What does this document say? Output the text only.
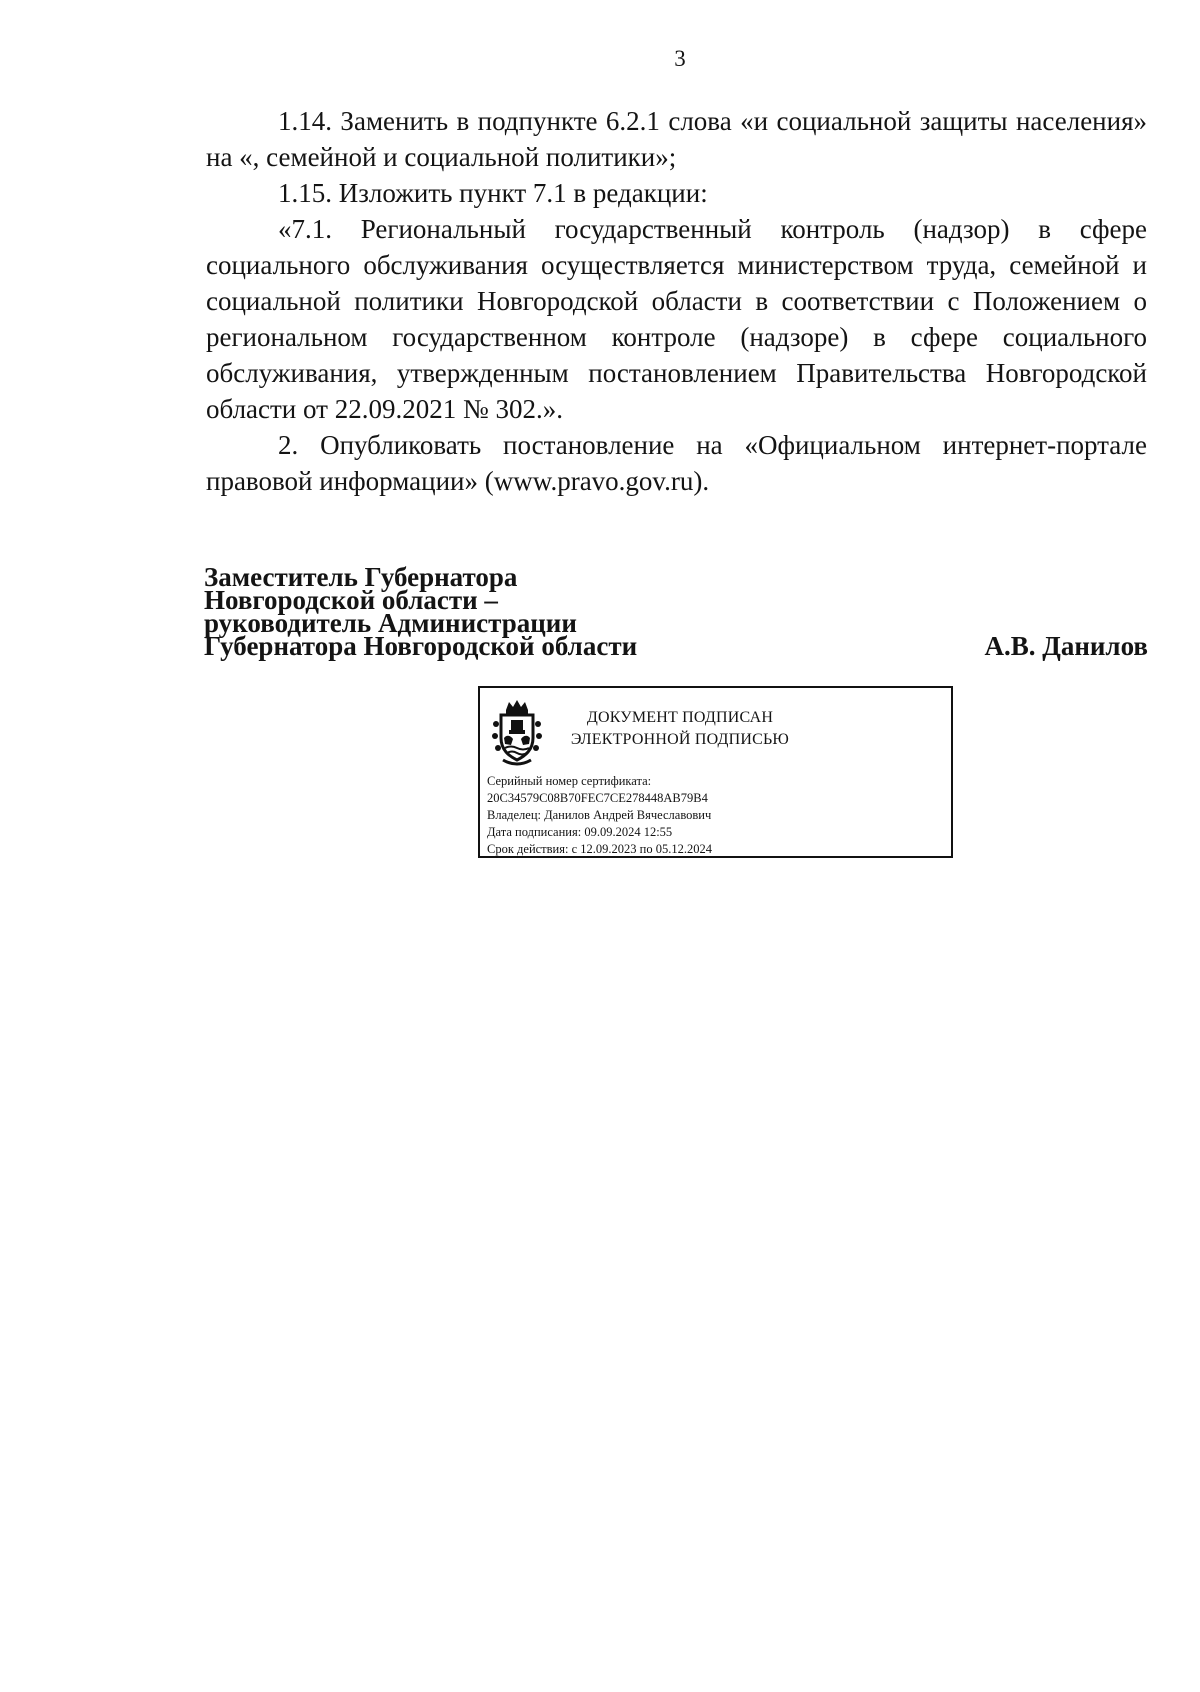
3

1.14. Заменить в подпункте 6.2.1 слова «и социальной защиты населения» на «, семейной и социальной политики»;

1.15. Изложить пункт 7.1 в редакции:

«7.1. Региональный государственный контроль (надзор) в сфере социального обслуживания осуществляется министерством труда, семейной и социальной политики Новгородской области в соответствии с Положением о региональном государственном контроле (надзоре) в сфере социального обслуживания, утвержденным постановлением Правительства Новгородской области от 22.09.2021 № 302.».

2. Опубликовать постановление на «Официальном интернет-портале правовой информации» (www.pravo.gov.ru).

Заместитель Губернатора
Новгородской области –
руководитель Администрации
Губернатора Новгородской области	А.В. Данилов
ДОКУМЕНТ ПОДПИСАН
ЭЛЕКТРОННОЙ ПОДПИСЬЮ
Серийный номер сертификата:
20C34579C08B70FEC7CE278448AB79B4
Владелец: Данилов Андрей Вячеславович
Дата подписания: 09.09.2024 12:55
Срок действия: с 12.09.2023 по 05.12.2024
